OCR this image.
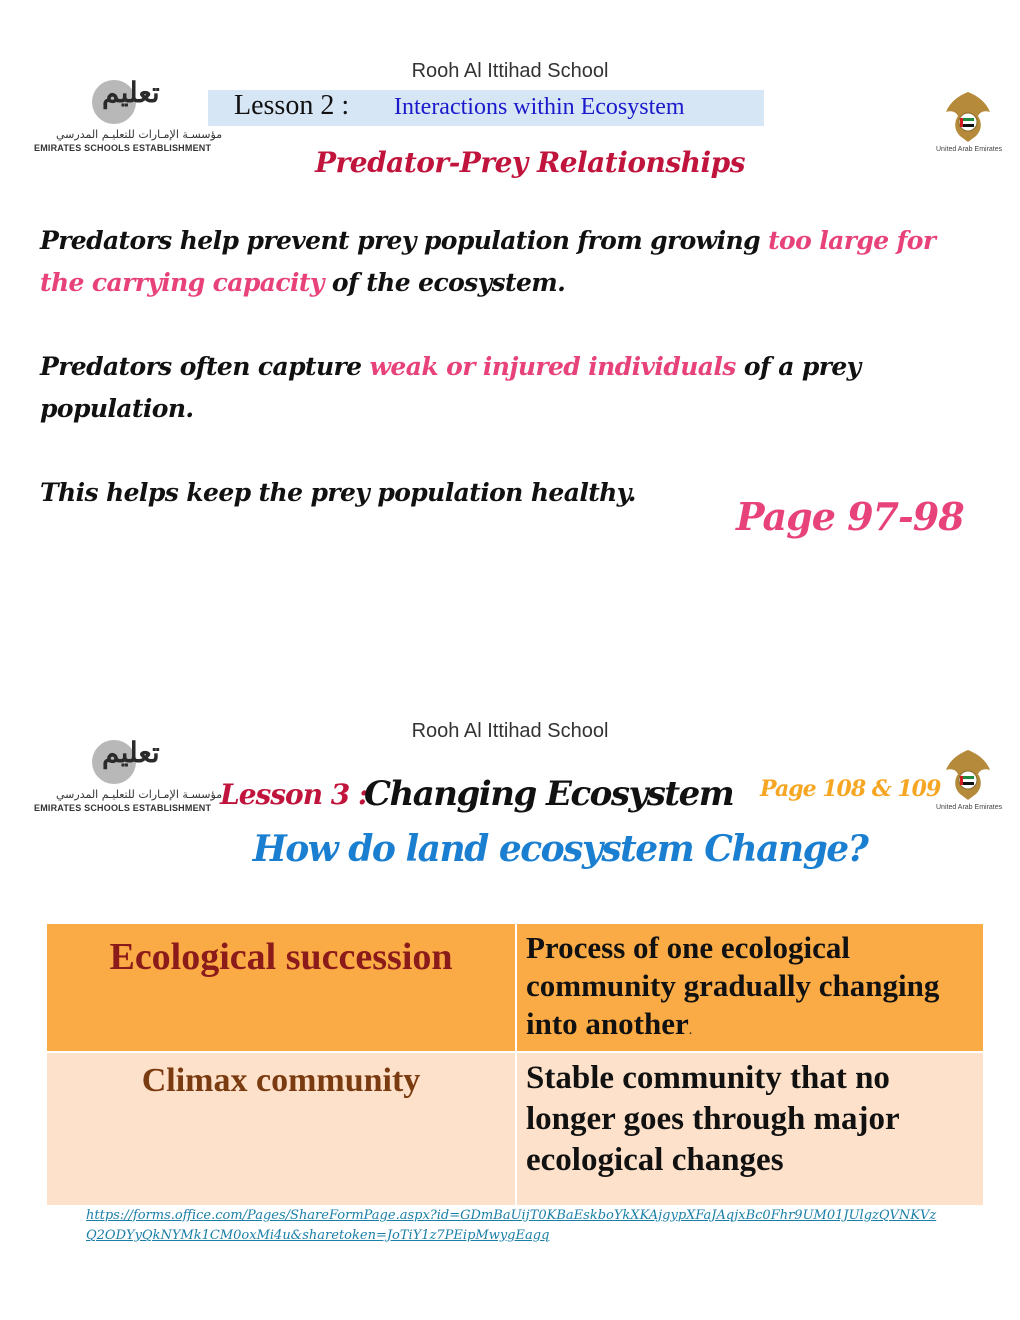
Rooh Al Ittihad School
تعليم
مؤسسـة الإمـارات للتعليـم المدرسي
EMIRATES SCHOOLS ESTABLISHMENT	United Arab Emirates
Lesson 2 : Interactions within Ecosystem
Predator-Prey Relationships
Predators help prevent prey population from growing too large for the carrying capacity of the ecosystem.
Predators often capture weak or injured individuals of a prey population.
This helps keep the prey population healthy.
Page 97-98
Rooh Al Ittihad School
تعليم
مؤسسـة الإمـارات للتعليـم المدرسي
EMIRATES SCHOOLS ESTABLISHMENT	United Arab Emirates
Lesson 3 :
Changing Ecosystem Page 108 & 109
How do land ecosystem Change?
Ecological succession	Process of one ecological community gradually changing into another.

Climax community	Stable community that no longer goes through major ecological changes
https://forms.office.com/Pages/ShareFormPage.aspx?id=GDmBaUijT0KBaEskboYkXKAjgypXFaJAqjxBc0Fhr9UM01JUlgzQVNKVzQ2ODYyQkNYMk1CM0oxMi4u&sharetoken=JoTiY1z7PEipMwygEagq
